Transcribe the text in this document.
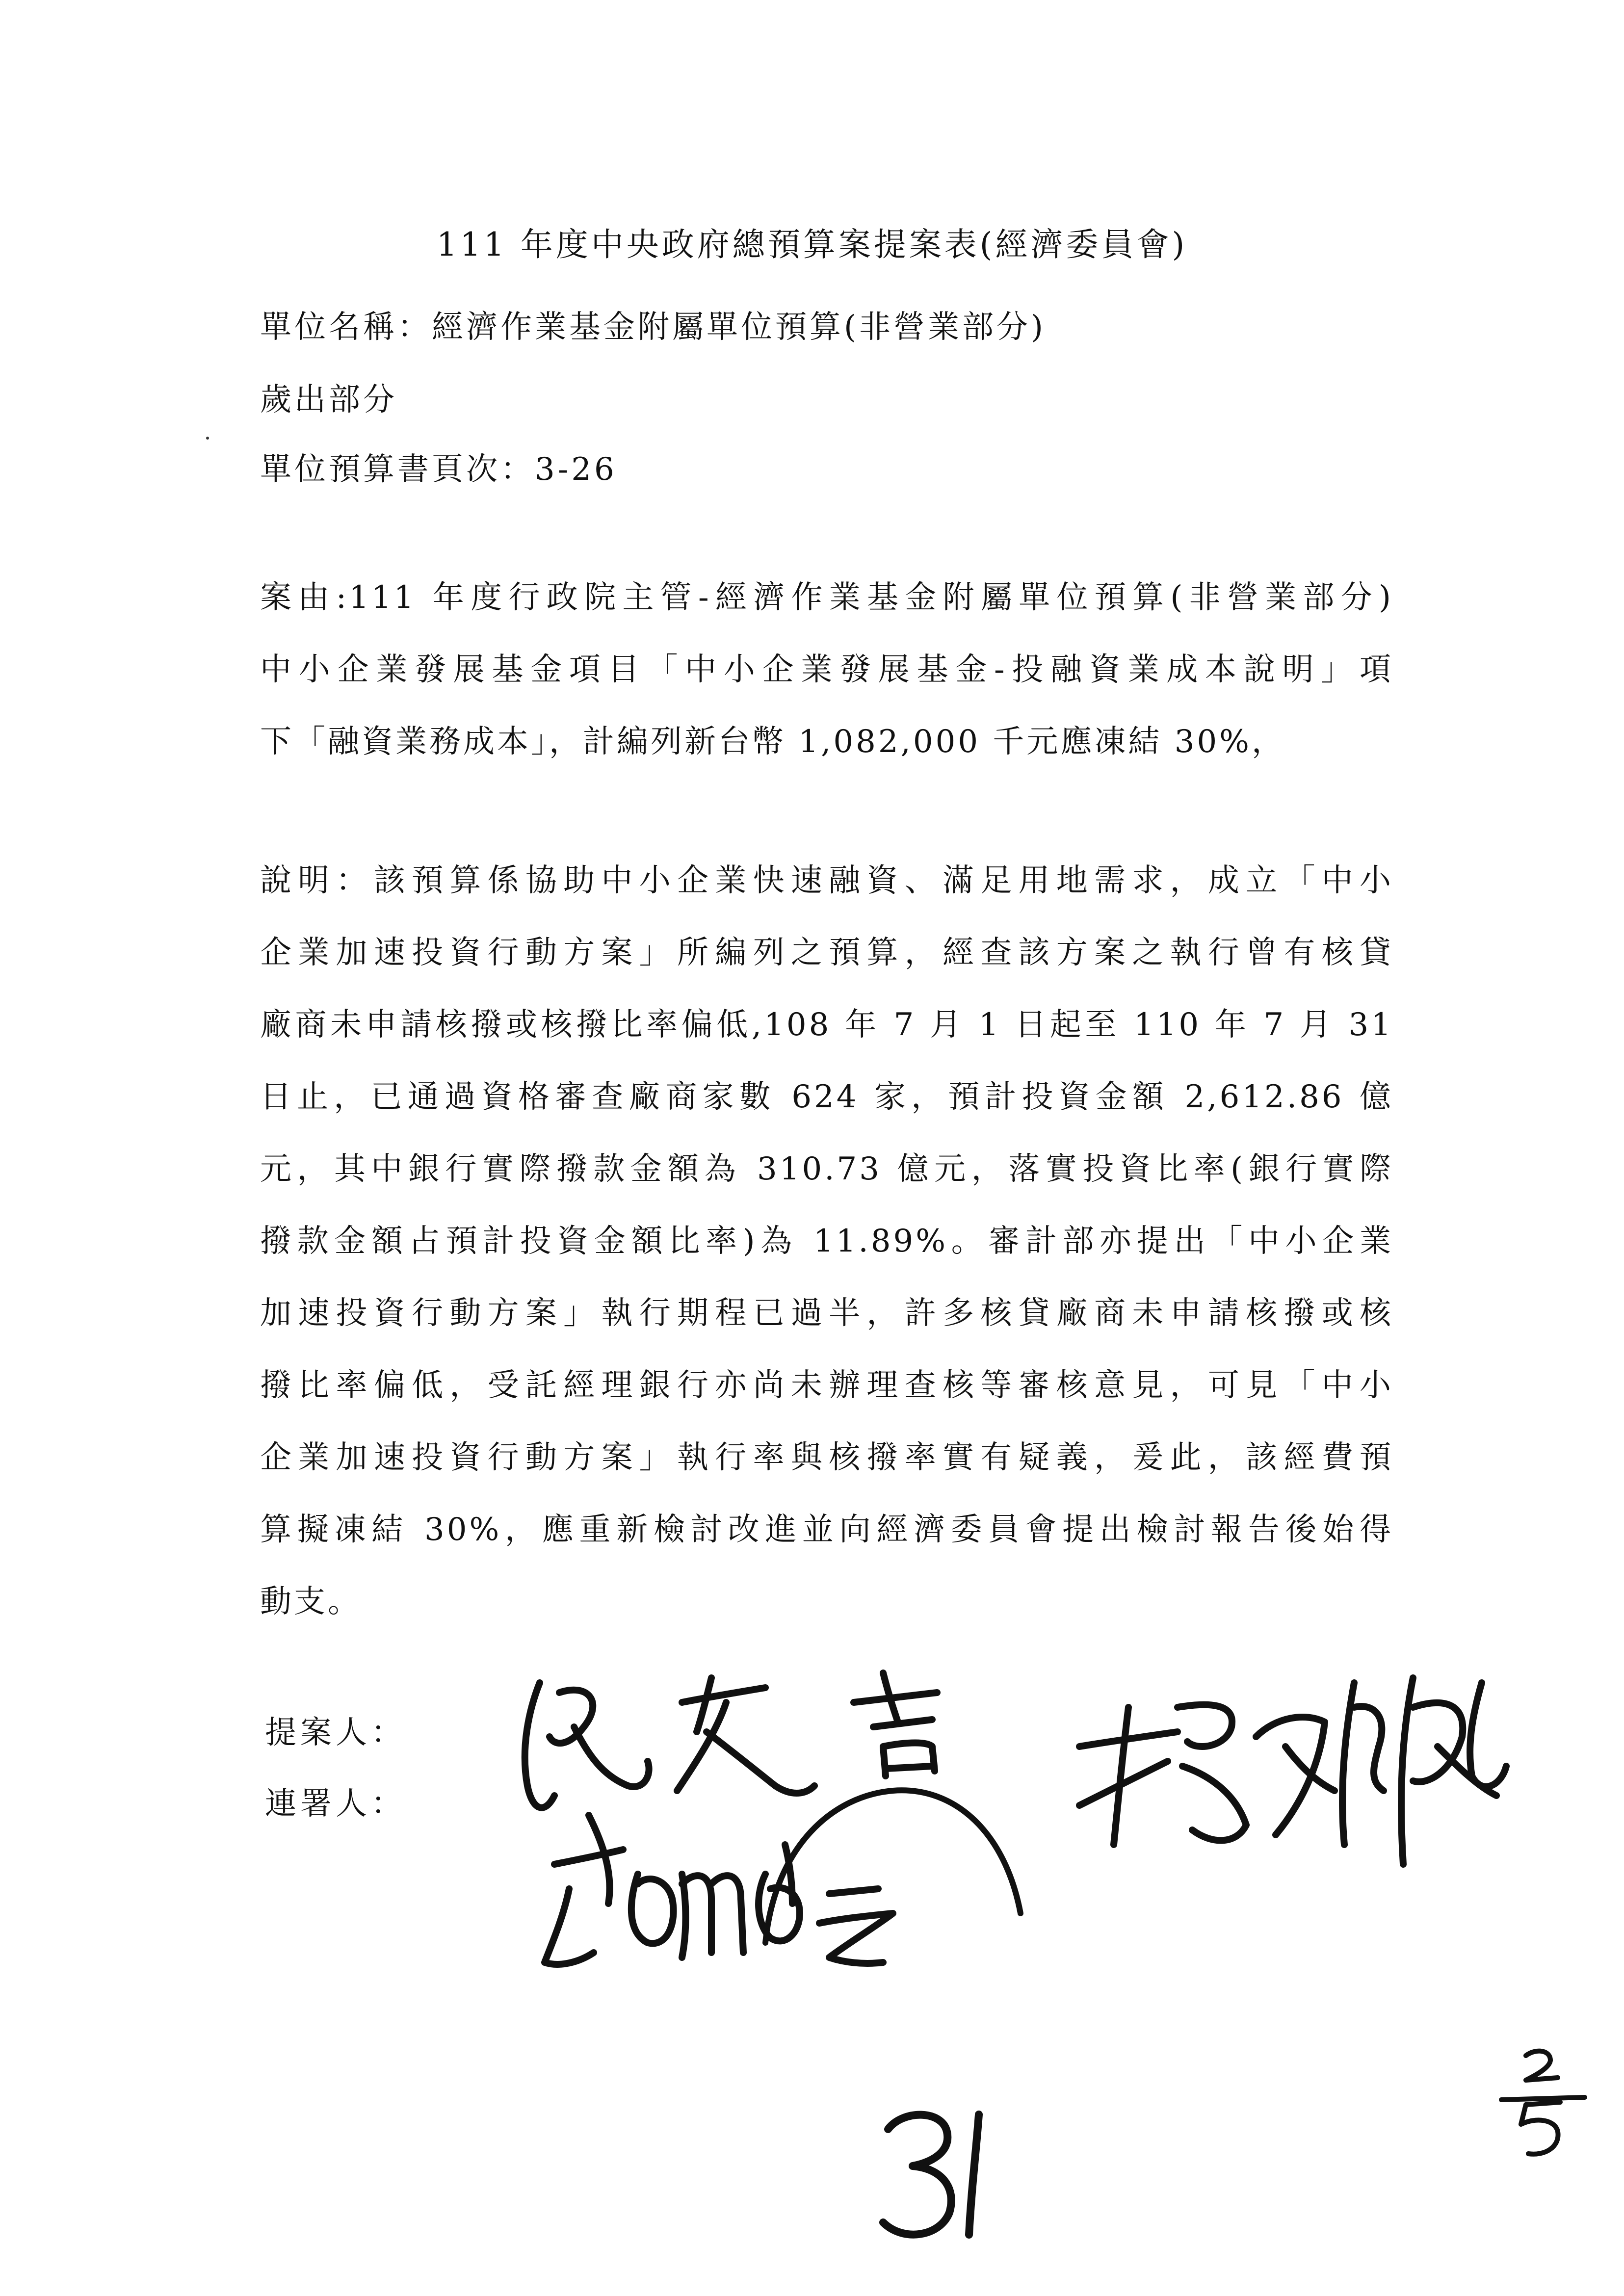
111 年度中央政府總預算案提案表(經濟委員會)
單位名稱：經濟作業基金附屬單位預算(非營業部分)
歲出部分
單位預算書頁次：3-26
案由:111 年度行政院主管-經濟作業基金附屬單位預算(非營業部分)
中小企業發展基金項目「中小企業發展基金-投融資業成本說明」項
下「融資業務成本」，計編列新台幣 1,082,000 千元應凍結 30%，
說明：該預算係協助中小企業快速融資、滿足用地需求，成立「中小
企業加速投資行動方案」所編列之預算，經查該方案之執行曾有核貸
廠商未申請核撥或核撥比率偏低,108 年 7 月 1 日起至 110 年 7 月 31
日止，已通過資格審查廠商家數 624 家，預計投資金額 2,612.86 億
元，其中銀行實際撥款金額為 310.73 億元，落實投資比率(銀行實際
撥款金額占預計投資金額比率)為 11.89%。審計部亦提出「中小企業
加速投資行動方案」執行期程已過半，許多核貸廠商未申請核撥或核
撥比率偏低，受託經理銀行亦尚未辦理查核等審核意見，可見「中小
企業加速投資行動方案」執行率與核撥率實有疑義，爰此，該經費預
算擬凍結 30%，應重新檢討改進並向經濟委員會提出檢討報告後始得
動支。
提案人：
連署人：
